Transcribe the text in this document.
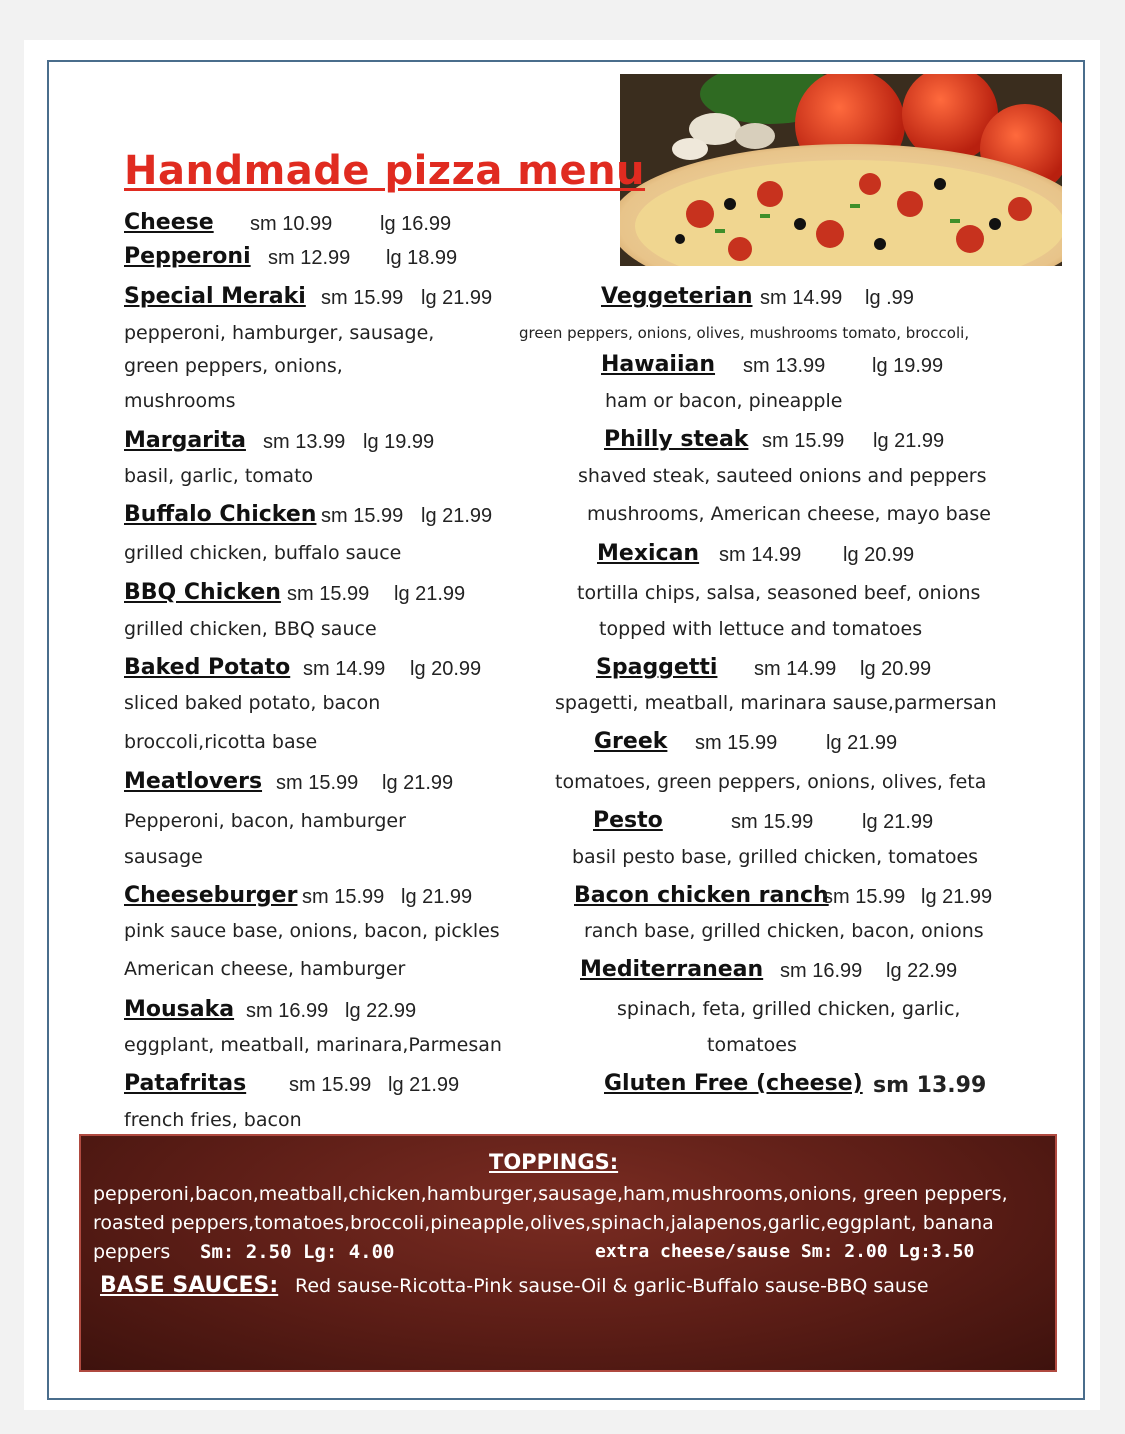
Handmade pizza menu
Cheese sm 10.99 lg 16.99
Pepperoni sm 12.99 lg 18.99
Special Meraki sm 15.99 lg 21.99
pepperoni, hamburger, sausage,
green peppers, onions,
mushrooms
Margarita sm 13.99 lg 19.99
basil, garlic, tomato
Buffalo Chicken sm 15.99 lg 21.99
grilled chicken, buffalo sauce
BBQ Chicken sm 15.99 lg 21.99
grilled chicken, BBQ sauce
Baked Potato sm 14.99 lg 20.99
sliced baked potato, bacon
broccoli,ricotta base
Meatlovers sm 15.99 lg 21.99
Pepperoni, bacon, hamburger
sausage
Cheeseburger sm 15.99 lg 21.99
pink sauce base, onions, bacon, pickles
American cheese, hamburger
Mousaka sm 16.99 lg 22.99
eggplant, meatball, marinara,Parmesan
Patafritas sm 15.99 lg 21.99
french fries, bacon
Veggeterian sm 14.99 lg .99
green peppers, onions, olives, mushrooms tomato, broccoli,
Hawaiian sm 13.99 lg 19.99
ham or bacon, pineapple
Philly steak sm 15.99 lg 21.99
shaved steak, sauteed onions and peppers
mushrooms, American cheese, mayo base
Mexican sm 14.99 lg 20.99
tortilla chips, salsa, seasoned beef, onions
topped with lettuce and tomatoes
Spaggetti sm 14.99 lg 20.99
spagetti, meatball, marinara sause,parmersan
Greek sm 15.99 lg 21.99
tomatoes, green peppers, onions, olives, feta
Pesto	sm 15.99 lg 21.99
basil pesto base, grilled chicken, tomatoes
Bacon chicken ranch
sm 15.99 lg 21.99
ranch base, grilled chicken, bacon, onions
Mediterranean sm 16.99 lg 22.99
spinach, feta, grilled chicken, garlic,
tomatoes
Gluten Free (cheese) sm 13.99
TOPPINGS:
pepperoni,bacon,meatball,chicken,hamburger,sausage,ham,mushrooms,onions, green peppers,
roasted peppers,tomatoes,broccoli,pineapple,olives,spinach,jalapenos,garlic,eggplant, banana
peppers Sm: 2.50 Lg: 4.00	extra cheese/sause Sm: 2.00 Lg:3.50
BASE SAUCES: Red sause-Ricotta-Pink sause-Oil & garlic-Buffalo sause-BBQ sause
